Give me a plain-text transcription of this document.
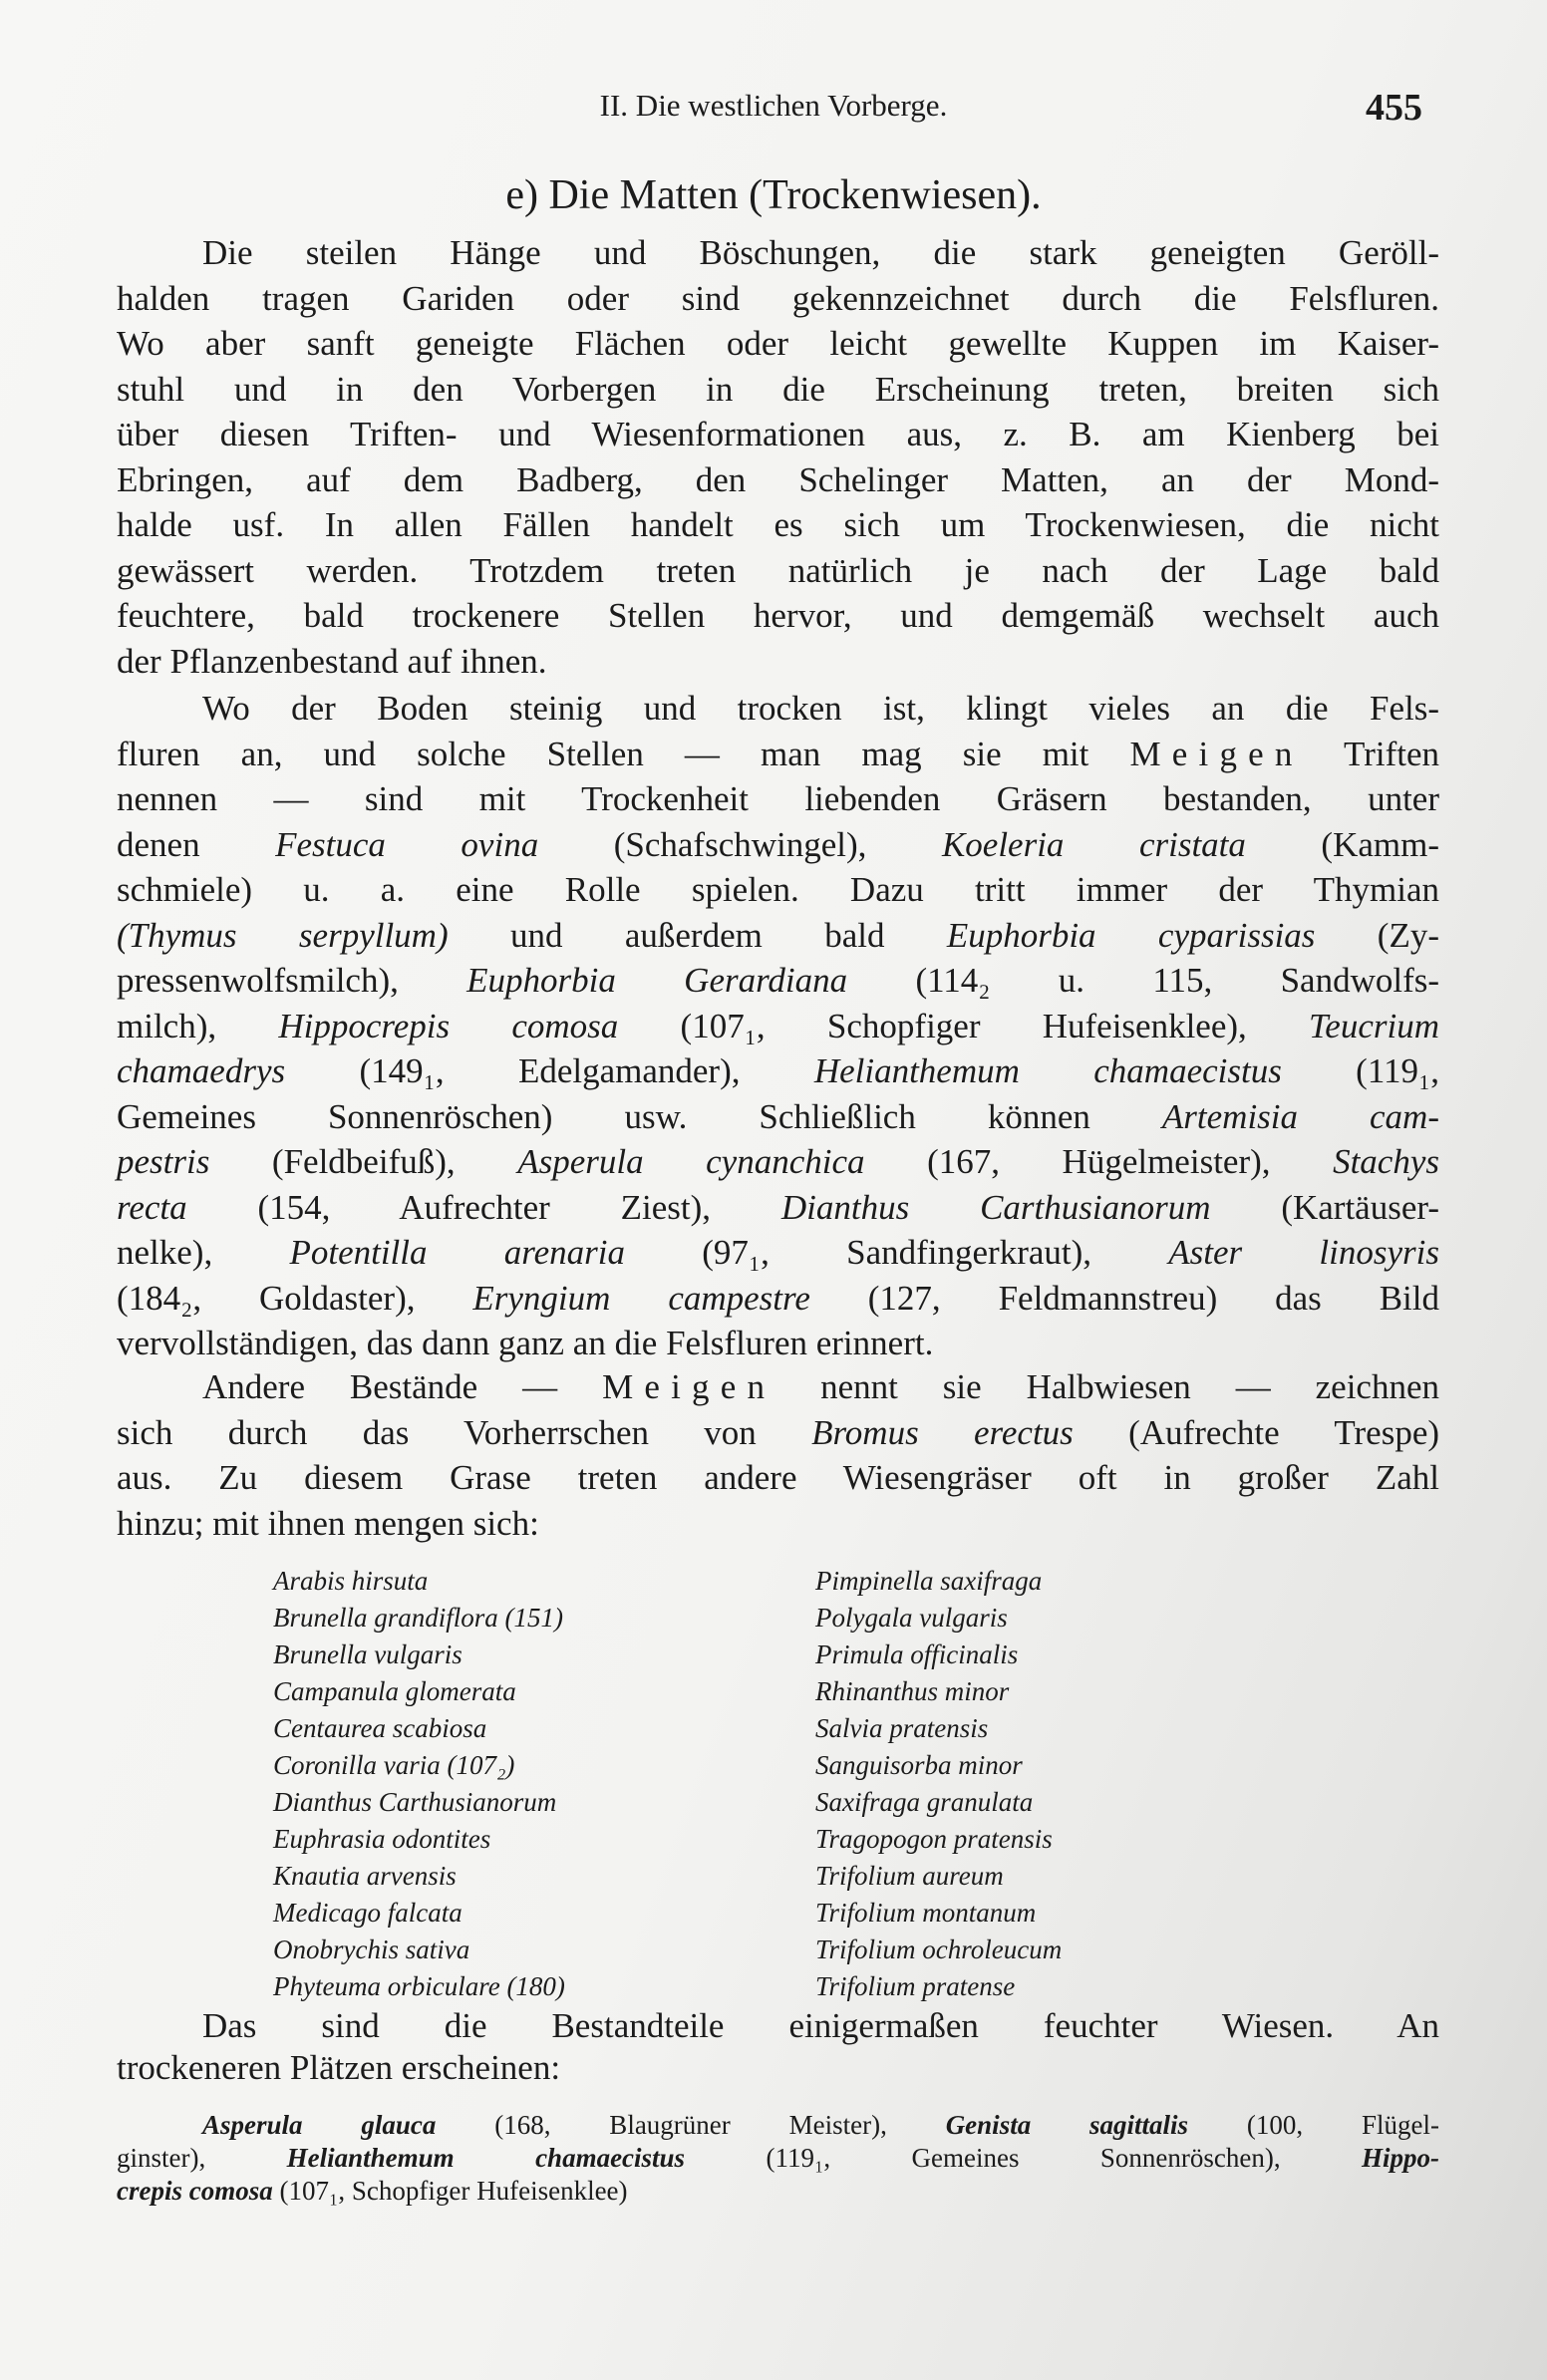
II. Die westlichen Vorberge.	455
e) Die Matten (Trockenwiesen).
Die steilen Hänge und Böschungen, die stark geneigten Geröll-
halden tragen Gariden oder sind gekennzeichnet durch die Felsfluren.
Wo aber sanft geneigte Flächen oder leicht gewellte Kuppen im Kaiser-
stuhl und in den Vorbergen in die Erscheinung treten, breiten sich
über diesen Triften- und Wiesenformationen aus, z. B. am Kienberg bei
Ebringen, auf dem Badberg, den Schelinger Matten, an der Mond-
halde usf. In allen Fällen handelt es sich um Trockenwiesen, die nicht
gewässert werden. Trotzdem treten natürlich je nach der Lage bald
feuchtere, bald trockenere Stellen hervor, und demgemäß wechselt auch
der Pflanzenbestand auf ihnen.
Wo der Boden steinig und trocken ist, klingt vieles an die Fels-
fluren an, und solche Stellen — man mag sie mit Meigen Triften
nennen — sind mit Trockenheit liebenden Gräsern bestanden, unter
denen Festuca ovina (Schafschwingel), Koeleria cristata (Kamm-
schmiele) u. a. eine Rolle spielen. Dazu tritt immer der Thymian
(Thymus serpyllum) und außerdem bald Euphorbia cyparissias (Zy-
pressenwolfsmilch), Euphorbia Gerardiana (114₂ u. 115, Sandwolfs-
milch), Hippocrepis comosa (107₁, Schopfiger Hufeisenklee), Teucrium
chamaedrys (149₁, Edelgamander), Helianthemum chamaecistus (119₁,
Gemeines Sonnenröschen) usw. Schließlich können Artemisia cam-
pestris (Feldbeifuß), Asperula cynanchica (167, Hügelmeister), Stachys
recta (154, Aufrechter Ziest), Dianthus Carthusianorum (Kartäuser-
nelke), Potentilla arenaria (97₁, Sandfingerkraut), Aster linosyris
(184₂, Goldaster), Eryngium campestre (127, Feldmannstreu) das Bild
vervollständigen, das dann ganz an die Felsfluren erinnert.
Andere Bestände — Meigen nennt sie Halbwiesen — zeichnen
sich durch das Vorherrschen von Bromus erectus (Aufrechte Trespe)
aus. Zu diesem Grase treten andere Wiesengräser oft in großer Zahl
hinzu; mit ihnen mengen sich:
Arabis hirsuta
Brunella grandiflora (151)
Brunella vulgaris
Campanula glomerata
Centaurea scabiosa
Coronilla varia (107₂)
Dianthus Carthusianorum
Euphrasia odontites
Knautia arvensis
Medicago falcata
Onobrychis sativa
Phyteuma orbiculare (180)
Pimpinella saxifraga
Polygala vulgaris
Primula officinalis
Rhinanthus minor
Salvia pratensis
Sanguisorba minor
Saxifraga granulata
Tragopogon pratensis
Trifolium aureum
Trifolium montanum
Trifolium ochroleucum
Trifolium pratense
Das sind die Bestandteile einigermaßen feuchter Wiesen. An
trockeneren Plätzen erscheinen:
Asperula glauca (168, Blaugrüner Meister), Genista sagittalis (100, Flügel-
ginster), Helianthemum chamaecistus (119₁, Gemeines Sonnenröschen), Hippo-
crepis comosa (107₁, Schopfiger Hufeisenklee)
